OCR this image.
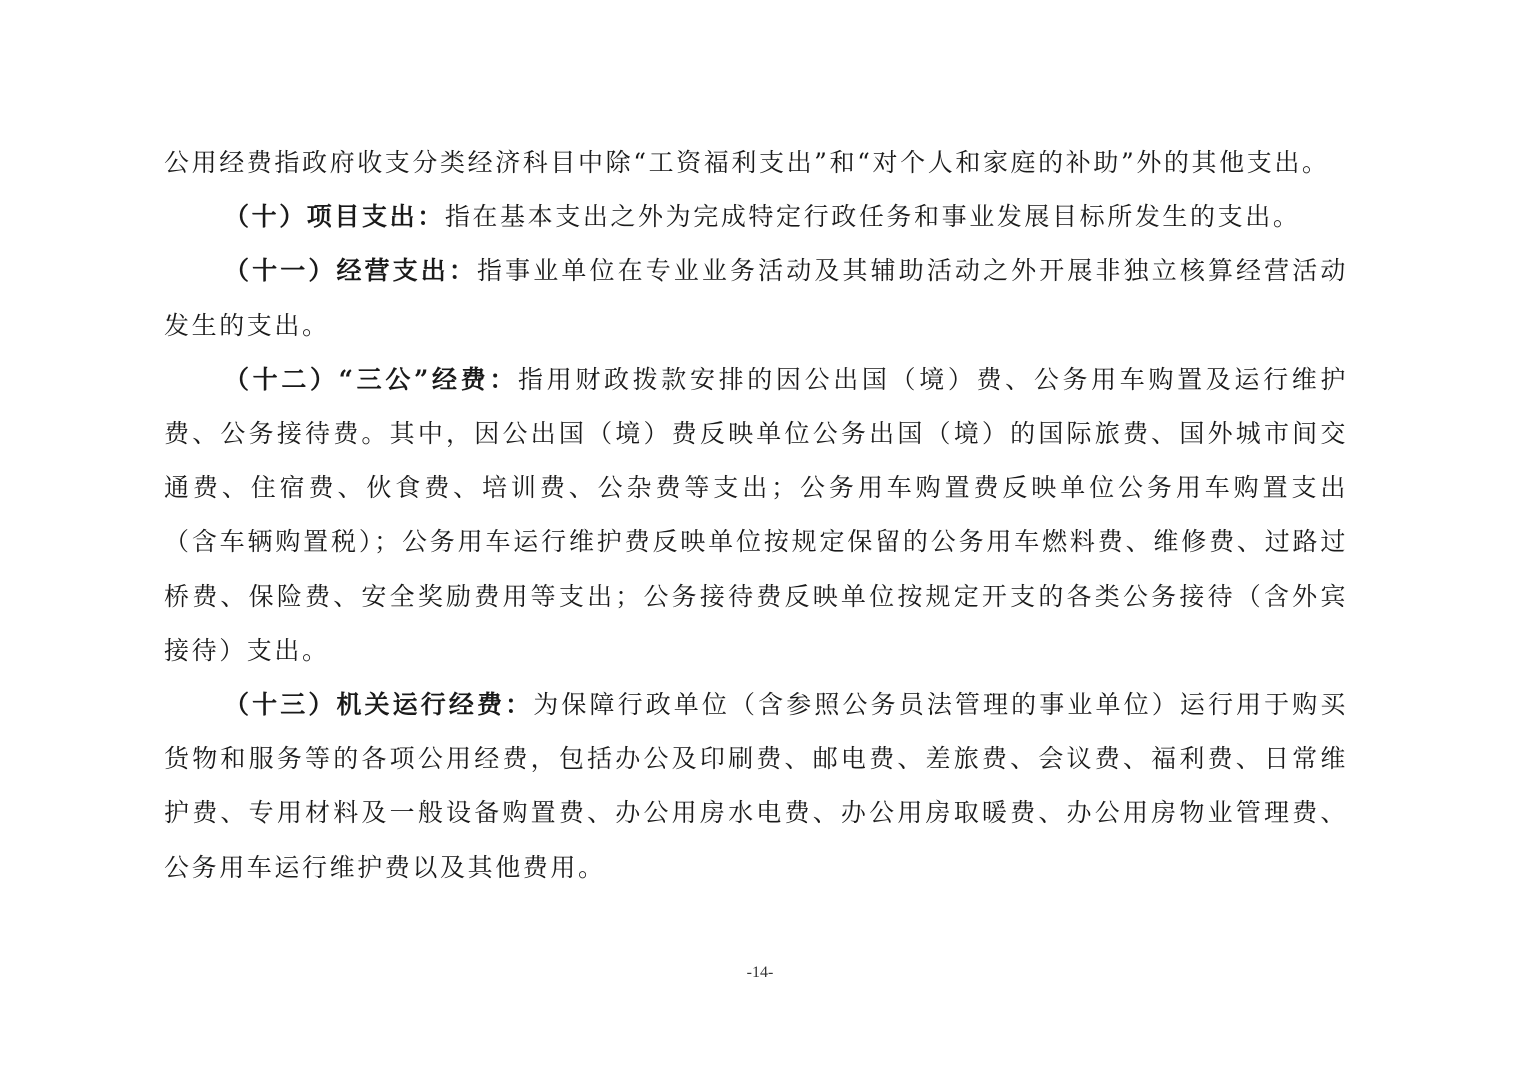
公用经费指政府收支分类经济科目中除“工资福利支出”和“对个人和家庭的补助”外的其他支出。

（十）项目支出：指在基本支出之外为完成特定行政任务和事业发展目标所发生的支出。

（十一）经营支出：指事业单位在专业业务活动及其辅助活动之外开展非独立核算经营活动发生的支出。

（十二）“三公”经费：指用财政拨款安排的因公出国（境）费、公务用车购置及运行维护费、公务接待费。其中，因公出国（境）费反映单位公务出国（境）的国际旅费、国外城市间交通费、住宿费、伙食费、培训费、公杂费等支出；公务用车购置费反映单位公务用车购置支出（含车辆购置税）；公务用车运行维护费反映单位按规定保留的公务用车燃料费、维修费、过路过桥费、保险费、安全奖励费用等支出；公务接待费反映单位按规定开支的各类公务接待（含外宾接待）支出。

（十三）机关运行经费：为保障行政单位（含参照公务员法管理的事业单位）运行用于购买货物和服务等的各项公用经费，包括办公及印刷费、邮电费、差旅费、会议费、福利费、日常维护费、专用材料及一般设备购置费、办公用房水电费、办公用房取暖费、办公用房物业管理费、公务用车运行维护费以及其他费用。

-14-
